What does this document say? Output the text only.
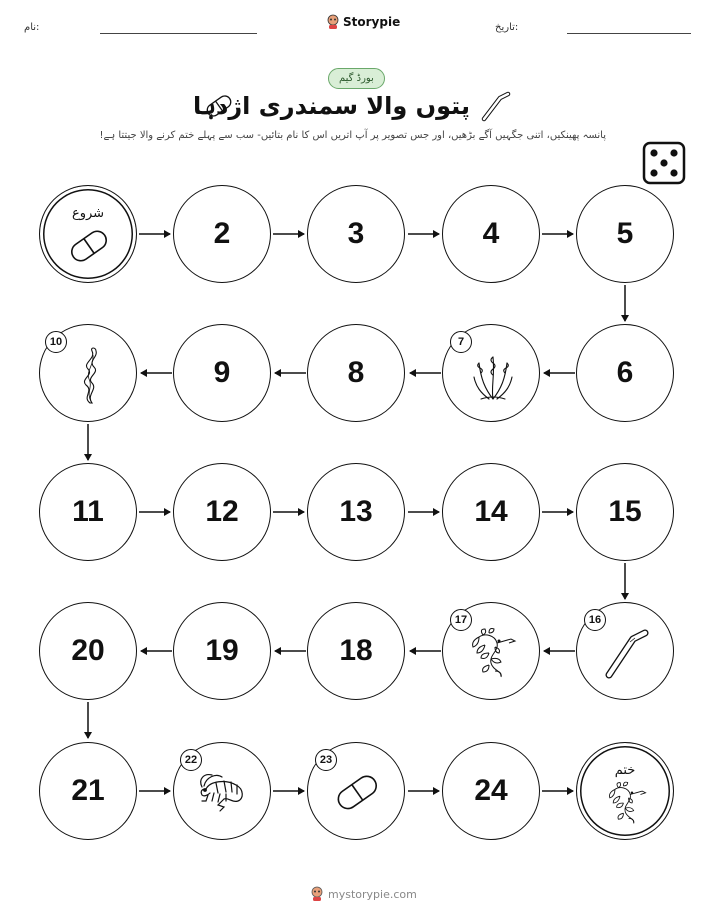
نام:	Storypie	تاریخ:
بورڈ گیم
پتوں والا سمندری اژدہا
پانسہ پھینکیں، اتنی جگہیں آگے بڑھیں، اور جس تصویر پر آپ اتریں اس کا نام بتائیں- سب سے پہلے ختم کرنے والا جیتتا ہے!
شروع
2	3	4	5
6
7
8
9
10
11	12	13	14	15
16
17
18
19
20
21
22	23
24
ختم
mystorypie.com
